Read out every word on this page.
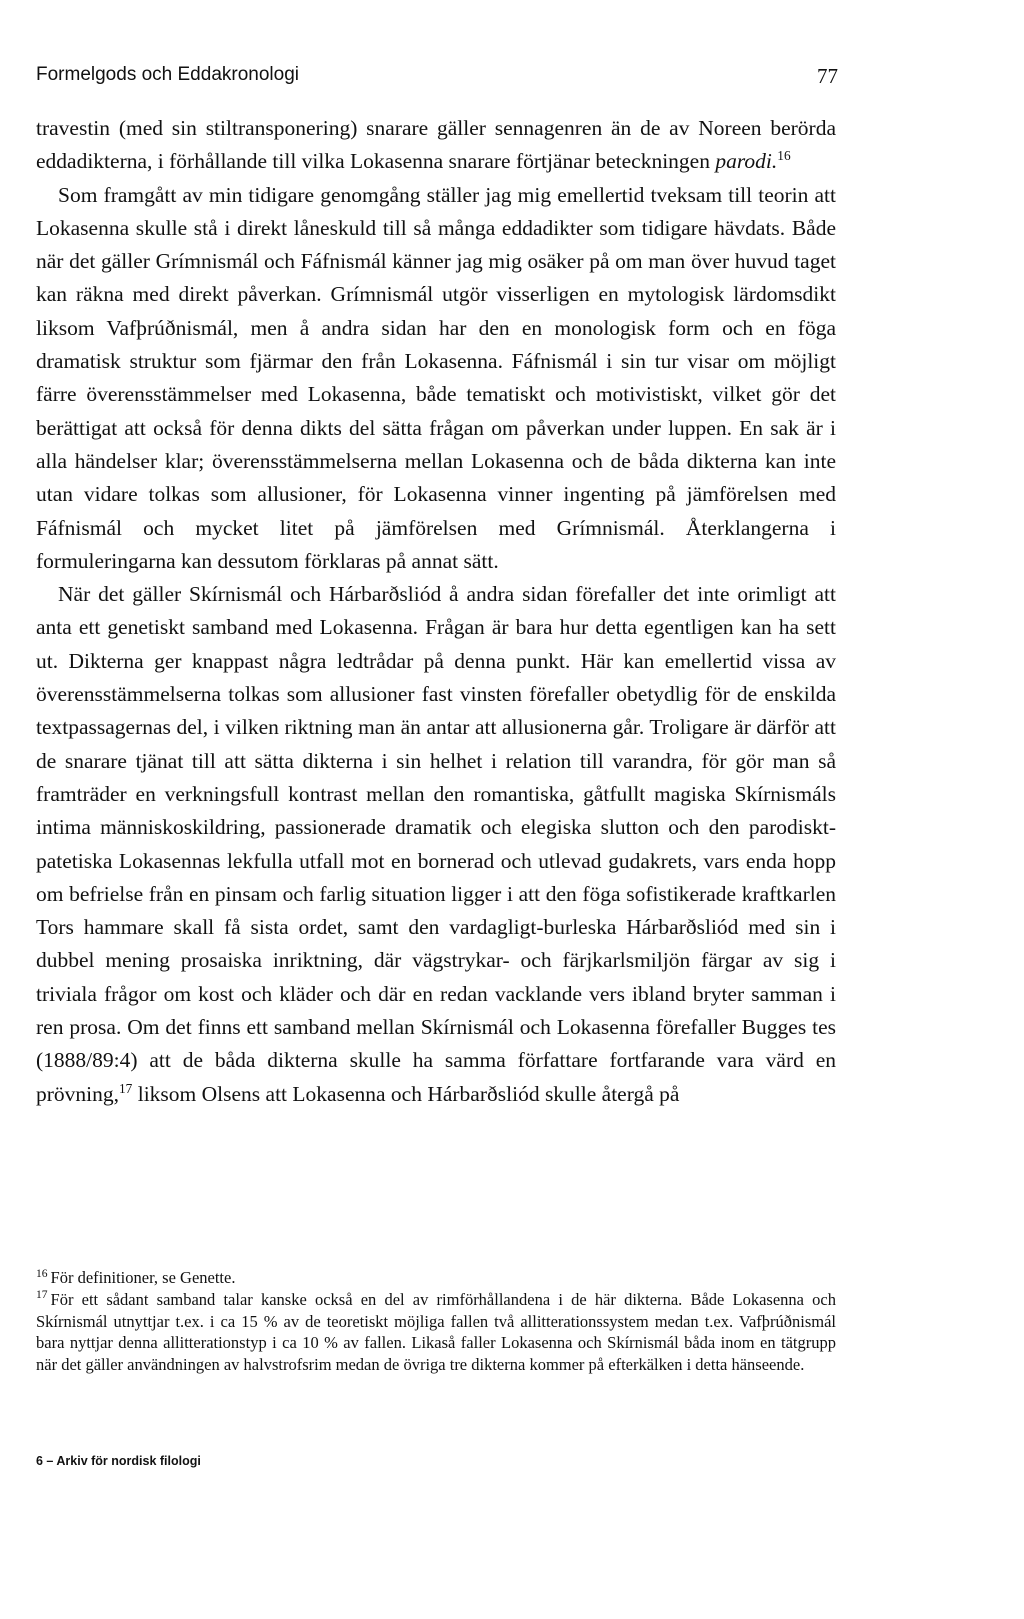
Formelgods och Eddakronologi	77

travestin (med sin stiltransponering) snarare gäller sennagenren än de av Noreen berörda eddadikterna, i förhållande till vilka Lokasenna snarare förtjänar beteckningen parodi.$^{16}$

Som framgått av min tidigare genomgång ställer jag mig emellertid tveksam till teorin att Lokasenna skulle stå i direkt låneskuld till så många eddadikter som tidigare hävdats. Både när det gäller Grímnismál och Fáfnismál känner jag mig osäker på om man över huvud taget kan räkna med direkt påverkan. Grímnismál utgör visserligen en mytologisk lärdomsdikt liksom Vafþrúðnismál, men å andra sidan har den en monologisk form och en föga dramatisk struktur som fjärmar den från Lokasenna. Fáfnismál i sin tur visar om möjligt färre överensstämmelser med Lokasenna, både tematiskt och motivistiskt, vilket gör det berättigat att också för denna dikts del sätta frågan om påverkan under luppen. En sak är i alla händelser klar; överensstämmelserna mellan Lokasenna och de båda dikterna kan inte utan vidare tolkas som allusioner, för Lokasenna vinner ingenting på jämförelsen med Fáfnismál och mycket litet på jämförelsen med Grímnismál. Återklangerna i formuleringarna kan dessutom förklaras på annat sätt.

När det gäller Skírnismál och Hárbarðsliód å andra sidan förefaller det inte orimligt att anta ett genetiskt samband med Lokasenna. Frågan är bara hur detta egentligen kan ha sett ut. Dikterna ger knappast några ledtrådar på denna punkt. Här kan emellertid vissa av överensstämmelserna tolkas som allusioner fast vinsten förefaller obetydlig för de enskilda textpassagernas del, i vilken riktning man än antar att allusionerna går. Troligare är därför att de snarare tjänat till att sätta dikterna i sin helhet i relation till varandra, för gör man så framträder en verkningsfull kontrast mellan den romantiska, gåtfullt magiska Skírnismáls intima människoskildring, passionerade dramatik och elegiska slutton och den parodiskt-patetiska Lokasennas lekfulla utfall mot en bornerad och utlevad gudakrets, vars enda hopp om befrielse från en pinsam och farlig situation ligger i att den föga sofistikerade kraftkarlen Tors hammare skall få sista ordet, samt den vardagligt-burleska Hárbarðsliód med sin i dubbel mening prosaiska inriktning, där vägstrykar- och färjkarlsmiljön färgar av sig i triviala frågor om kost och kläder och där en redan vacklande vers ibland bryter samman i ren prosa. Om det finns ett samband mellan Skírnismál och Lokasenna förefaller Bugges tes (1888/89:4) att de båda dikterna skulle ha samma författare fortfarande vara värd en prövning,$^{17}$ liksom Olsens att Lokasenna och Hárbarðsliód skulle återgå på

$^{16}$ För definitioner, se Genette.

$^{17}$ För ett sådant samband talar kanske också en del av rimförhållandena i de här dikterna. Både Lokasenna och Skírnismál utnyttjar t.ex. i ca 15 % av de teoretiskt möjliga fallen två allitterationssystem medan t.ex. Vafþrúðnismál bara nyttjar denna allitterationstyp i ca 10 % av fallen. Likaså faller Lokasenna och Skírnismál båda inom en tätgrupp när det gäller användningen av halvstrofsrim medan de övriga tre dikterna kommer på efterkälken i detta hänseende.

6 – Arkiv för nordisk filologi
